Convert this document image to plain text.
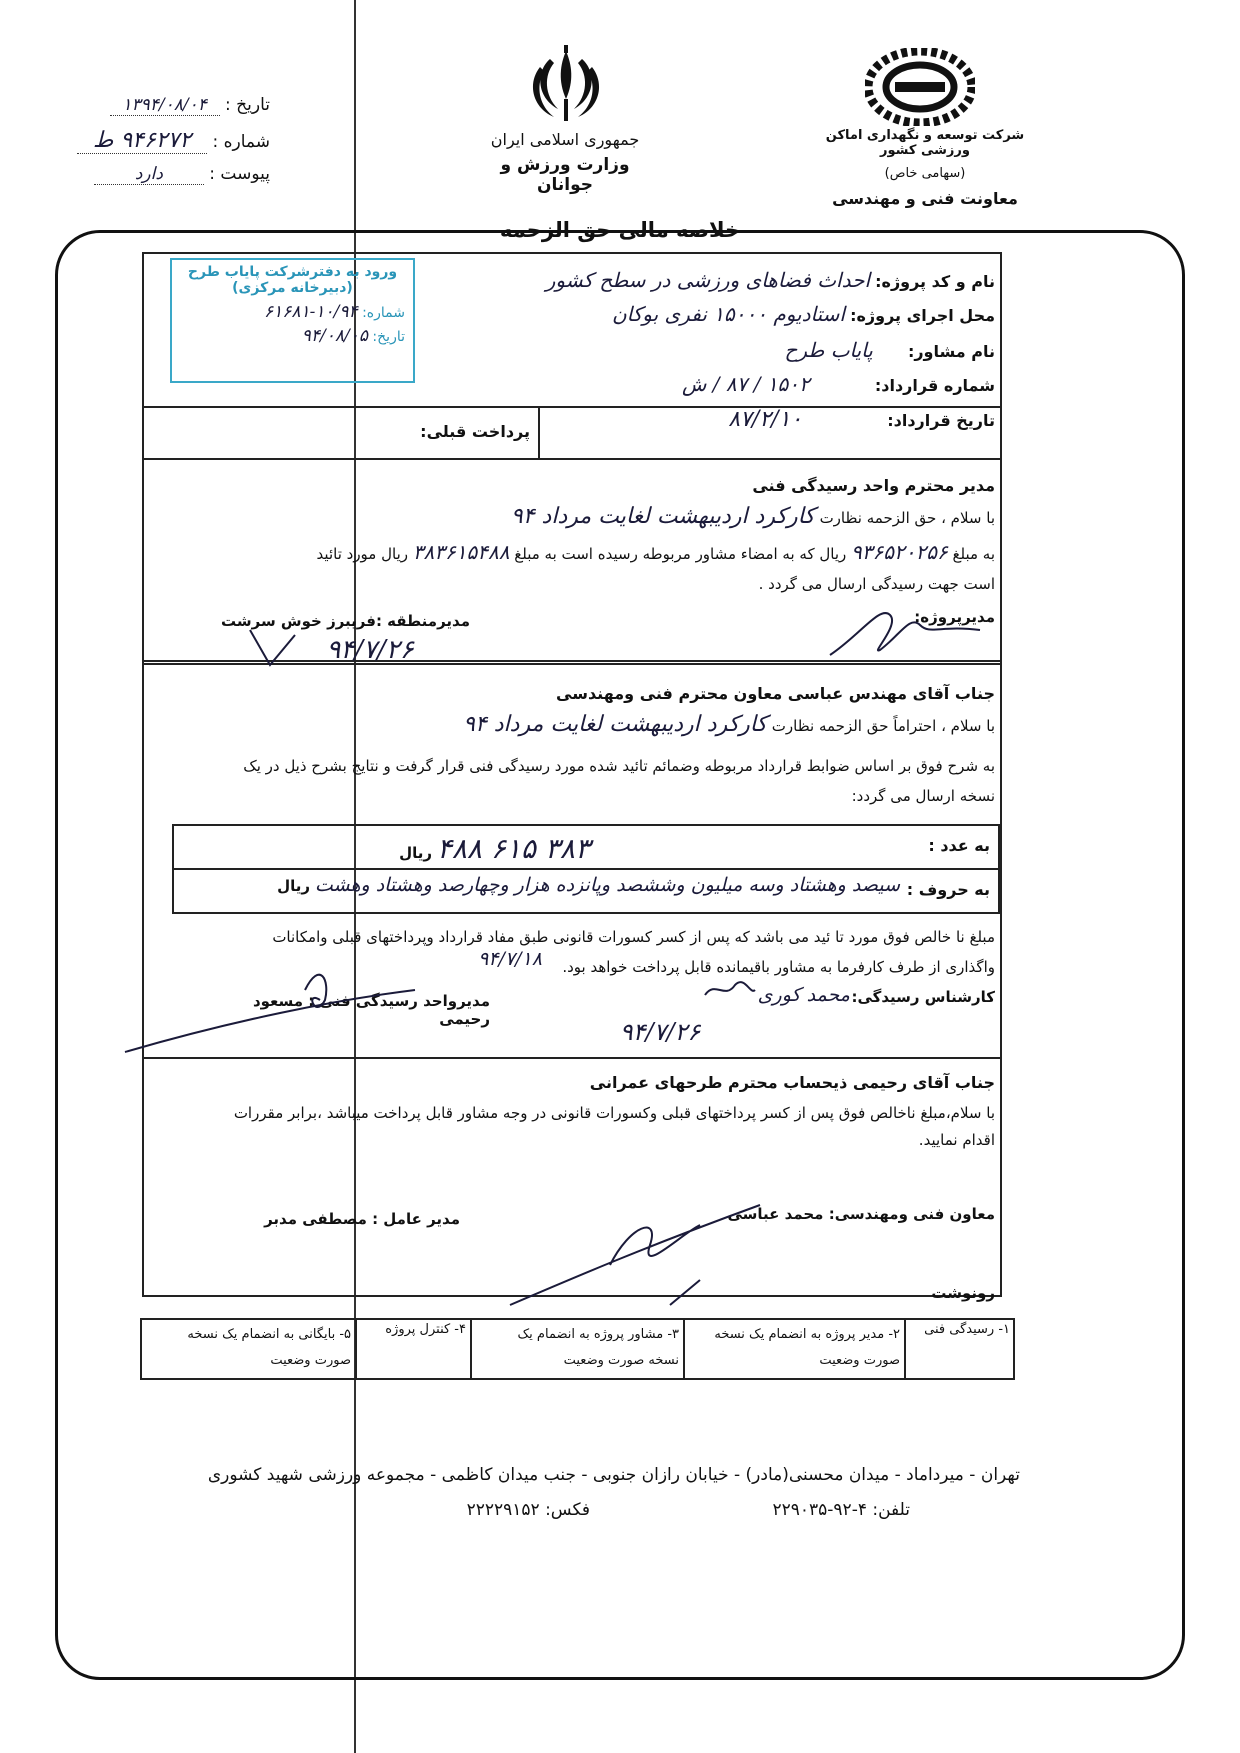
تاریخ : ۱۳۹۴/۰۸/۰۴
شماره : ۹۴۶۲۷۲ ط
پیوست : دارد
جمهوری اسلامی ایران
وزارت ورزش و جوانان
شرکت توسعه و نگهداری اماکن ورزشی کشور
(سهامی خاص)
معاونت فنی و مهندسی
خلاصه مالی حق الزحمه
نام و کد پروژه: احداث فضاهای ورزشی در سطح کشور
محل اجرای پروژه: استادیوم ۱۵۰۰۰ نفری بوکان
نام مشاور: پایاب طرح
شماره قرارداد: ۱۵۰۲ / ۸۷ / ش
تاریخ قرارداد: ۸۷/۲/۱۰
ورود به دفترشرکت پایاب طرح
(دبیرخانه مرکزی)
شماره: ۱۰/۹۴-۶۱۶۸۱
تاریخ: ۹۴/۰۸/۰۵
پرداخت قبلی:
مدیر محترم واحد رسیدگی فنی
با سلام ، حق الزحمه نظارت کارکرد اردیبهشت لغایت مرداد ۹۴
به مبلغ ۹۳۶۵۲۰۲۵۶ ریال که به امضاء مشاور مربوطه رسیده است به مبلغ ۳۸۳۶۱۵۴۸۸ ریال مورد تائید
است جهت رسیدگی ارسال می گردد .
مدیرپروژه:
مدیرمنطقه :فریبرز خوش سرشت
۹۴/۷/۲۶
جناب آقای مهندس عباسی معاون محترم فنی ومهندسی
با سلام ، احتراماً حق الزحمه نظارت کارکرد اردیبهشت لغایت مرداد ۹۴
به شرح فوق بر اساس ضوابط قرارداد مربوطه وضمائم تائید شده مورد رسیدگی فنی قرار گرفت و نتایج بشرح ذیل در یک
نسخه ارسال می گردد:
به عدد :
۳۸۳ ۶۱۵ ۴۸۸ ریال
به حروف :
سیصد وهشتاد وسه میلیون وششصد وپانزده هزار وچهارصد وهشتاد وهشت ریال
مبلغ نا خالص فوق مورد تا ئید می باشد که پس از کسر کسورات قانونی طبق مفاد قرارداد وپرداختهای قبلی وامکانات
واگذاری از طرف کارفرما به مشاور باقیمانده قابل پرداخت خواهد بود.
۹۴/۷/۱۸
کارشناس رسیدگی:
محمد کوری
مدیرواحد رسیدگی فنی : مسعود رحیمی	۹۴/۷/۲۶
جناب آقای رحیمی ذیحساب محترم طرحهای عمرانی
با سلام،مبلغ ناخالص فوق پس از کسر پرداختهای قبلی وکسورات قانونی در وجه مشاور قابل پرداخت میباشد ،برابر مقررات
اقدام نمایید.
معاون فنی ومهندسی: محمد عباسی
مدیر عامل : مصطفی مدبر
رونوشت
۱- رسیدگی فنی
۲- مدیر پروژه به انضمام یک نسخه
صورت وضعیت
۳- مشاور پروژه به انضمام یک
نسخه صورت وضعیت
۴- کنترل پروژه
۵- بایگانی به انضمام یک نسخه
صورت وضعیت
تهران - میرداماد - میدان محسنی(مادر) - خیابان رازان جنوبی - جنب میدان کاظمی - مجموعه ورزشی شهید کشوری
تلفن: ۴-۹۲-۲۲۹۰۳۵
فکس: ۲۲۲۲۹۱۵۲
